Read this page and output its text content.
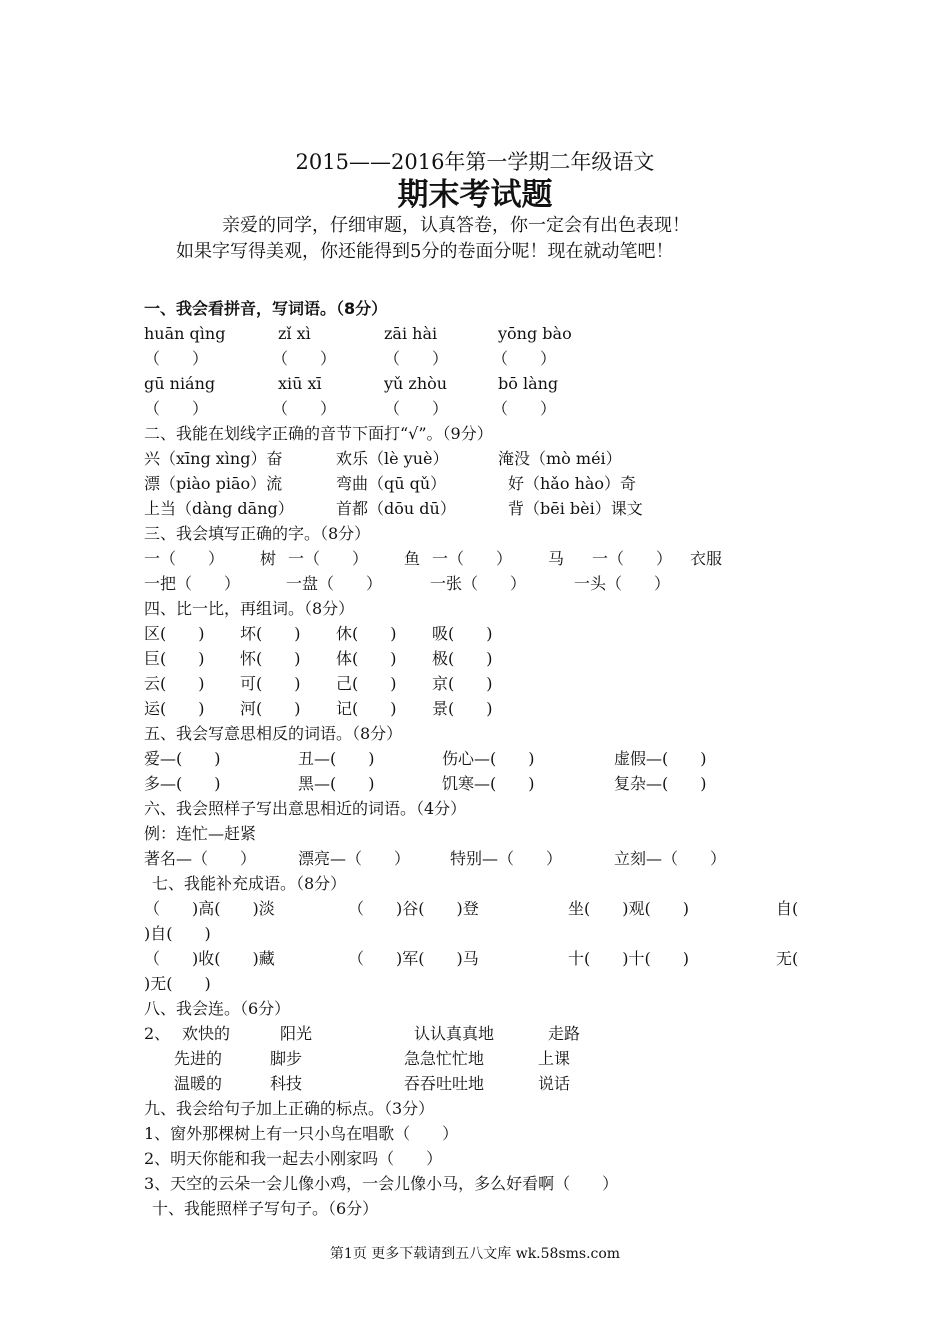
2015——2016年第一学期二年级语文
期末考试题
亲爱的同学，仔细审题，认真答卷，你一定会有出色表现！
如果字写得美观，你还能得到5分的卷面分呢！现在就动笔吧！
一、我会看拼音，写词语。（8分）
huān qìng	zǐ xì	zāi hài	yōng bào
（　　）	（　　）	（　　）	（　　）
gū niáng	xiū xī	yǔ zhòu	bō làng
（　　）	（　　）	（　　）	（　　）
二、我能在划线字正确的音节下面打“√”。（9分）
兴（xīng xìng）奋	欢乐（lè yuè）	淹没（mò méi）
漂（piào piāo）流	弯曲（qū qǔ）	好（hǎo hào）奇
上当（dàng dāng）	首都（dōu dū）	背（bēi bèi）课文
三、我会填写正确的字。（8分）
一（　　） 树 一（　　） 鱼 一（　　） 马 一（　　） 衣服
一把（　　）	一盘（　　）	一张（　　）	一头（　　）
四、比一比，再组词。（8分）
区(　　) 坏(　　) 休(　　) 吸(　　)
巨(　　) 怀(　　) 体(　　) 极(　　)
云(　　) 可(　　) 己(　　) 京(　　)
运(　　) 河(　　) 记(　　) 景(　　)
五、我会写意思相反的词语。（8分）
爱—(　　)	丑—(　　)	伤心—(　　)	虚假—(　　)
多—(　　)	黑—(　　)	饥寒—(　　)	复杂—(　　)
六、我会照样子写出意思相近的词语。（4分）
例：连忙—赶紧
著名—（　　）	漂亮—（　　） 特别—（　　）	立刻—（　　）
七、我能补充成语。（8分）
（　　)高(　　)淡	（　　)谷(　　)登	坐(　　)观(　　)	自(
)自(　　)
（　　)收(　　)藏	（　　)军(　　)马	十(　　)十(　　)	无(
)无(　　)
八、我会连。（6分）
2、 欢快的	阳光	认认真真地	走路
先进的	脚步	急急忙忙地	上课
温暖的	科技	吞吞吐吐地	说话
九、我会给句子加上正确的标点。（3分）
1、窗外那棵树上有一只小鸟在唱歌（　　）
2、明天你能和我一起去小刚家吗（　　）
3、天空的云朵一会儿像小鸡，一会儿像小马，多么好看啊（　　）
十、我能照样子写句子。（6分）
第1页 更多下载请到五八文库 wk.58sms.com
